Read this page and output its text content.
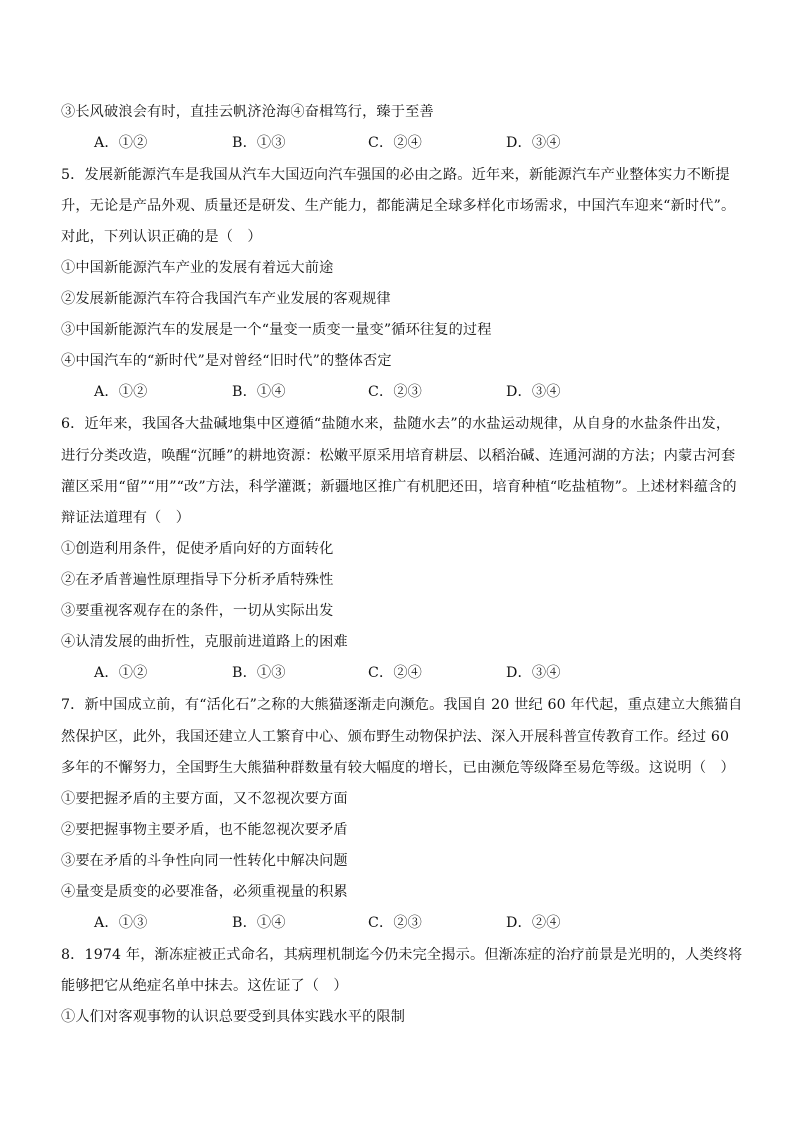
③长风破浪会有时，直挂云帆济沧海④奋楫笃行，臻于至善
A．①②	B．①③	C．②④	D．③④
5．发展新能源汽车是我国从汽车大国迈向汽车强国的必由之路。近年来，新能源汽车产业整体实力不断提
升，无论是产品外观、质量还是研发、生产能力，都能满足全球多样化市场需求，中国汽车迎来“新时代”。
对此，下列认识正确的是（　）
①中国新能源汽车产业的发展有着远大前途
②发展新能源汽车符合我国汽车产业发展的客观规律
③中国新能源汽车的发展是一个“量变一质变一量变”循环往复的过程
④中国汽车的“新时代”是对曾经“旧时代”的整体否定
A．①②	B．①④	C．②③	D．③④
6．近年来，我国各大盐碱地集中区遵循“盐随水来，盐随水去”的水盐运动规律，从自身的水盐条件出发，
进行分类改造，唤醒“沉睡”的耕地资源：松嫩平原采用培育耕层、以稻治碱、连通河湖的方法；内蒙古河套
灌区采用“留”“用”“改”方法，科学灌溉；新疆地区推广有机肥还田，培育种植“吃盐植物”。上述材料蕴含的
辩证法道理有（　）
①创造利用条件，促使矛盾向好的方面转化
②在矛盾普遍性原理指导下分析矛盾特殊性
③要重视客观存在的条件，一切从实际出发
④认清发展的曲折性，克服前进道路上的困难
A．①②	B．①③	C．②④	D．③④
7．新中国成立前，有“活化石”之称的大熊猫逐渐走向濒危。我国自 20 世纪 60 年代起，重点建立大熊猫自
然保护区，此外，我国还建立人工繁育中心、颁布野生动物保护法、深入开展科普宣传教育工作。经过 60
多年的不懈努力，全国野生大熊猫种群数量有较大幅度的增长，已由濒危等级降至易危等级。这说明（　）
①要把握矛盾的主要方面，又不忽视次要方面
②要把握事物主要矛盾，也不能忽视次要矛盾
③要在矛盾的斗争性向同一性转化中解决问题
④量变是质变的必要准备，必须重视量的积累
A．①③	B．①④	C．②③	D．②④
8．1974 年，渐冻症被正式命名，其病理机制迄今仍未完全揭示。但渐冻症的治疗前景是光明的，人类终将
能够把它从绝症名单中抹去。这佐证了（　）
①人们对客观事物的认识总要受到具体实践水平的限制
